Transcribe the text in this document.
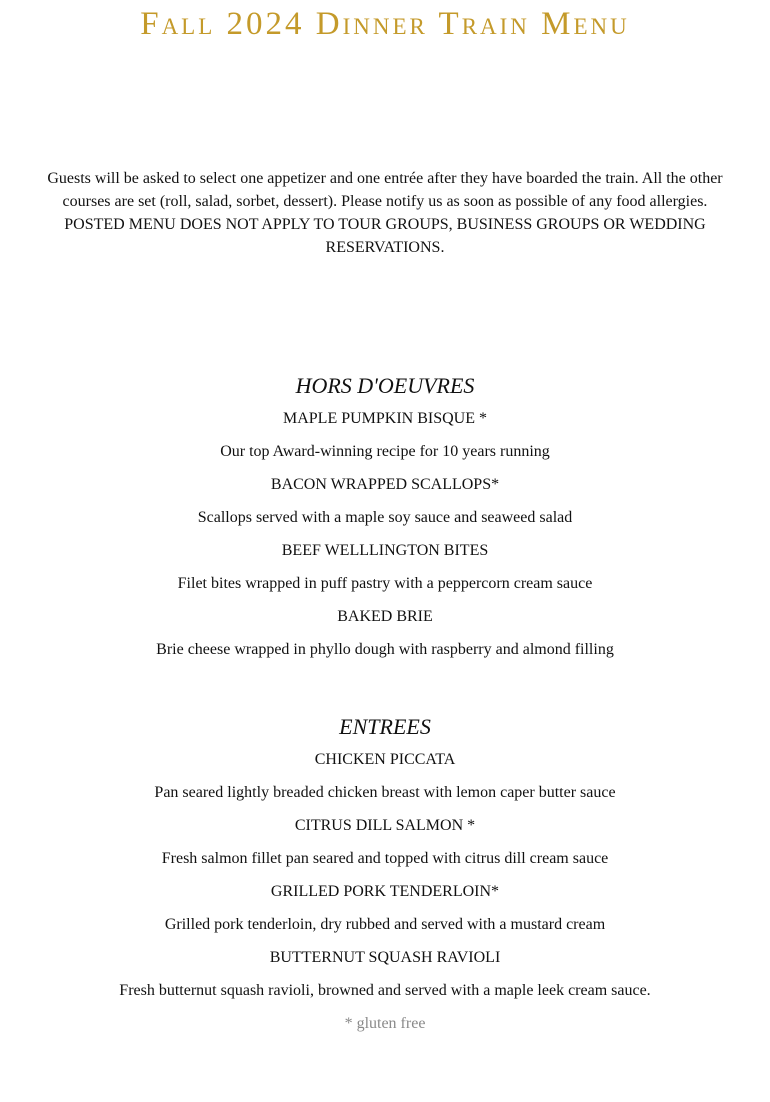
Fall 2024 Dinner Train Menu

Guests will be asked to select one appetizer and one entrée after they have boarded the train. All the other courses are set (roll, salad, sorbet, dessert). Please notify us as soon as possible of any food allergies. POSTED MENU DOES NOT APPLY TO TOUR GROUPS, BUSINESS GROUPS OR WEDDING RESERVATIONS.

HORS D'OEUVRES

MAPLE PUMPKIN BISQUE *

Our top Award-winning recipe for 10 years running

BACON WRAPPED SCALLOPS*

Scallops served with a maple soy sauce and seaweed salad

BEEF WELLLINGTON BITES

Filet bites wrapped in puff pastry with a peppercorn cream sauce

BAKED BRIE

Brie cheese wrapped in phyllo dough with raspberry and almond filling

ENTREES

CHICKEN PICCATA

Pan seared lightly breaded chicken breast with lemon caper butter sauce

CITRUS DILL SALMON *

Fresh salmon fillet pan seared and topped with citrus dill cream sauce

GRILLED PORK TENDERLOIN*

Grilled pork tenderloin, dry rubbed and served with a mustard cream

BUTTERNUT SQUASH RAVIOLI

Fresh butternut squash ravioli, browned and served with a maple leek cream sauce.

* gluten free
